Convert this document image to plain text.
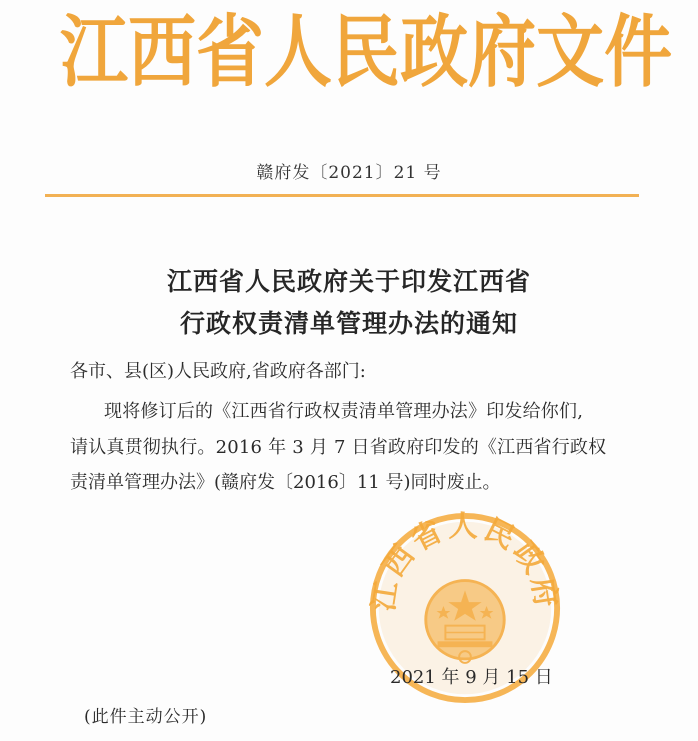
江 西 省 人 民 政 府 文 件
赣府发〔2021〕21 号
江西省人民政府关于印发江西省
行政权责清单管理办法的通知
各市、县(区)人民政府,省政府各部门:
现将修订后的《江西省行政权责清单管理办法》印发给你们,
请认真贯彻执行。2016 年 3 月 7 日省政府印发的《江西省行政权
责清单管理办法》(赣府发〔2016〕11 号)同时废止。
江西省人民政府
2021 年 9 月 15 日
(此件主动公开)
